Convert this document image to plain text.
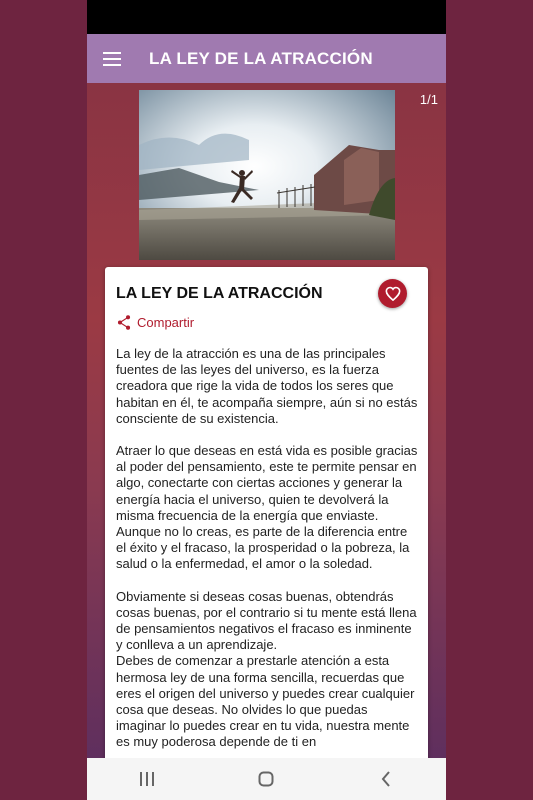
LA LEY DE LA ATRACCIÓN
1/1
LA LEY DE LA ATRACCIÓN
Compartir

La ley de la atracción es una de las principales fuentes de las leyes del universo, es la fuerza creadora que rige la vida de todos los seres que habitan en él, te acompaña siempre, aún si no estás consciente de su existencia.

Atraer lo que deseas en está vida es posible gracias al poder del pensamiento, este te permite pensar en algo, conectarte con ciertas acciones y generar la energía hacia el universo, quien te devolverá la misma frecuencia de la energía que enviaste.

Aunque no lo creas, es parte de la diferencia entre el éxito y el fracaso, la prosperidad o la pobreza, la salud o la enfermedad, el amor o la soledad.

Obviamente si deseas cosas buenas, obtendrás cosas buenas, por el contrario si tu mente está llena de pensamientos negativos el fracaso es inminente y conlleva a un aprendizaje.

Debes de comenzar a prestarle atención a esta hermosa ley de una forma sencilla, recuerdas que eres el origen del universo y puedes crear cualquier cosa que deseas. No olvides lo que puedas imaginar lo puedes crear en tu vida, nuestra mente es muy poderosa depende de ti en
